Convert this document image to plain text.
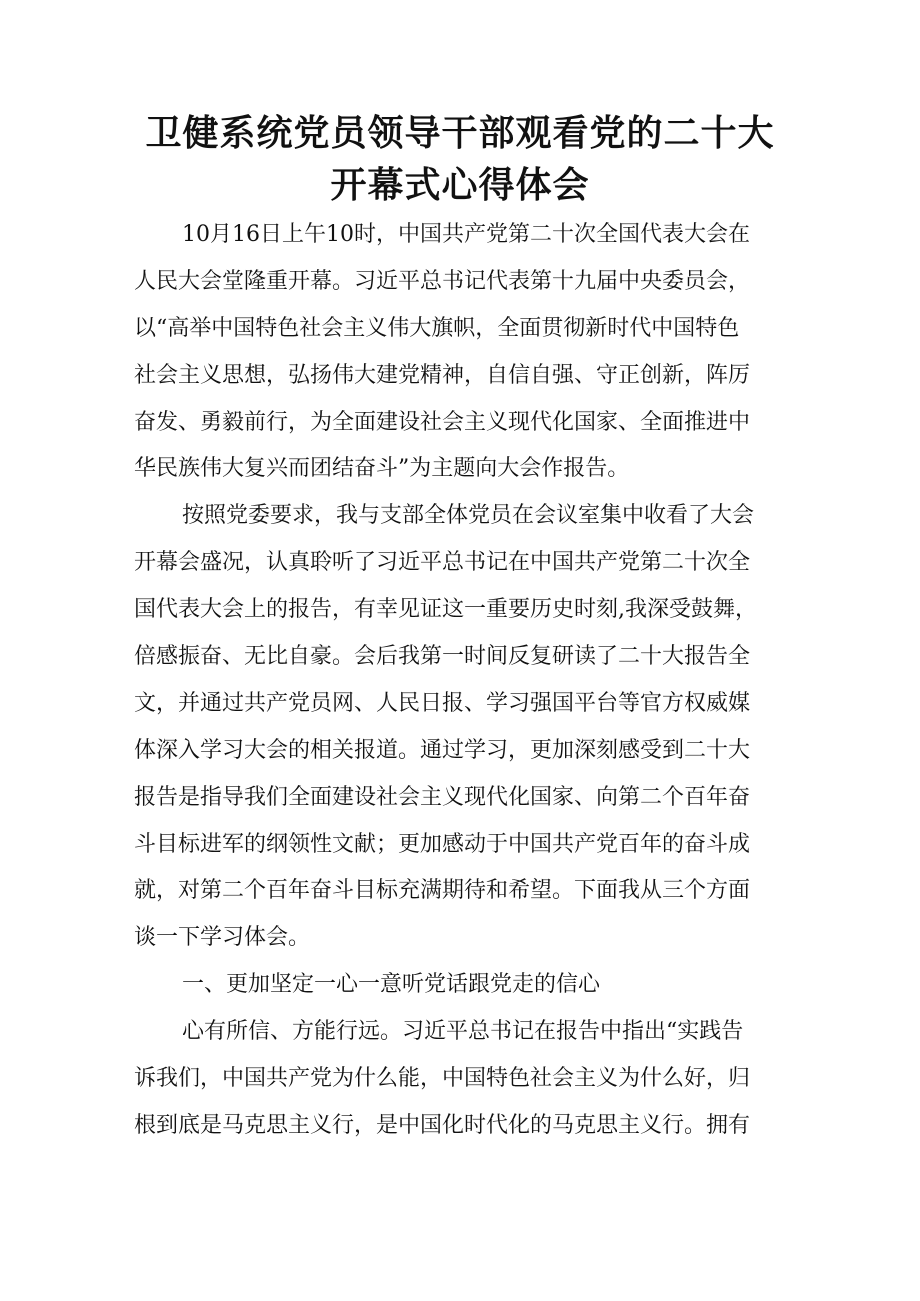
卫健系统党员领导干部观看党的二十大
开幕式心得体会
10月16日上午10时，中国共产党第二十次全国代表大会在
人民大会堂隆重开幕。习近平总书记代表第十九届中央委员会，
以“高举中国特色社会主义伟大旗帜，全面贯彻新时代中国特色
社会主义思想，弘扬伟大建党精神，自信自强、守正创新，阵厉
奋发、勇毅前行，为全面建设社会主义现代化国家、全面推进中
华民族伟大复兴而团结奋斗”为主题向大会作报告。
按照党委要求，我与支部全体党员在会议室集中收看了大会
开幕会盛况，认真聆听了习近平总书记在中国共产党第二十次全
国代表大会上的报告，有幸见证这一重要历史时刻,我深受鼓舞，
倍感振奋、无比自豪。会后我第一时间反复研读了二十大报告全
文，并通过共产党员网、人民日报、学习强国平台等官方权威媒
体深入学习大会的相关报道。通过学习，更加深刻感受到二十大
报告是指导我们全面建设社会主义现代化国家、向第二个百年奋
斗目标进军的纲领性文献；更加感动于中国共产党百年的奋斗成
就，对第二个百年奋斗目标充满期待和希望。下面我从三个方面
谈一下学习体会。
一、更加坚定一心一意听党话跟党走的信心
心有所信、方能行远。习近平总书记在报告中指出“实践告
诉我们，中国共产党为什么能，中国特色社会主义为什么好，归
根到底是马克思主义行，是中国化时代化的马克思主义行。拥有
